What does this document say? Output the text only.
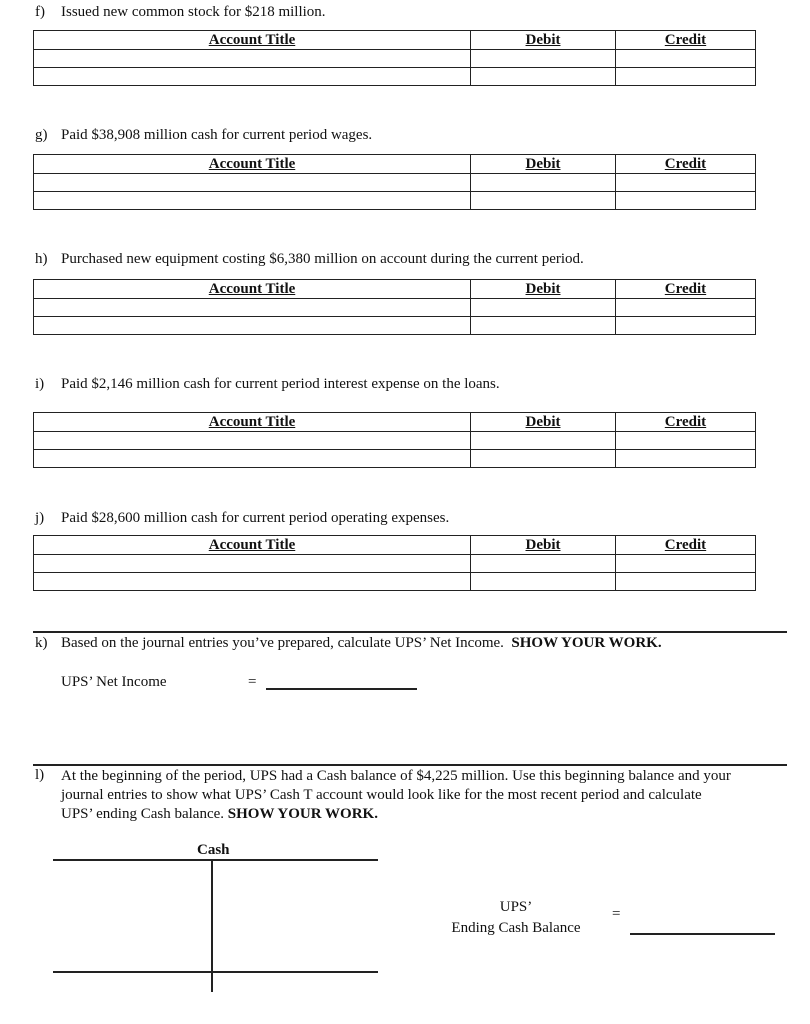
f) Issued new common stock for $218 million.
Account Title	Debit	Credit

g) Paid $38,908 million cash for current period wages.
Account Title	Debit	Credit

h) Purchased new equipment costing $6,380 million on account during the current period.
Account Title	Debit	Credit

i) Paid $2,146 million cash for current period interest expense on the loans.
Account Title	Debit	Credit

j) Paid $28,600 million cash for current period operating expenses.
Account Title	Debit	Credit

k) Based on the journal entries you’ve prepared, calculate UPS’ Net Income. SHOW YOUR WORK.
UPS’ Net Income	=
l) At the beginning of the period, UPS had a Cash balance of $4,225 million. Use this beginning balance and your
journal entries to show what UPS’ Cash T account would look like for the most recent period and calculate
UPS’ ending Cash balance. SHOW YOUR WORK.
Cash
UPS’
Ending Cash Balance
=
